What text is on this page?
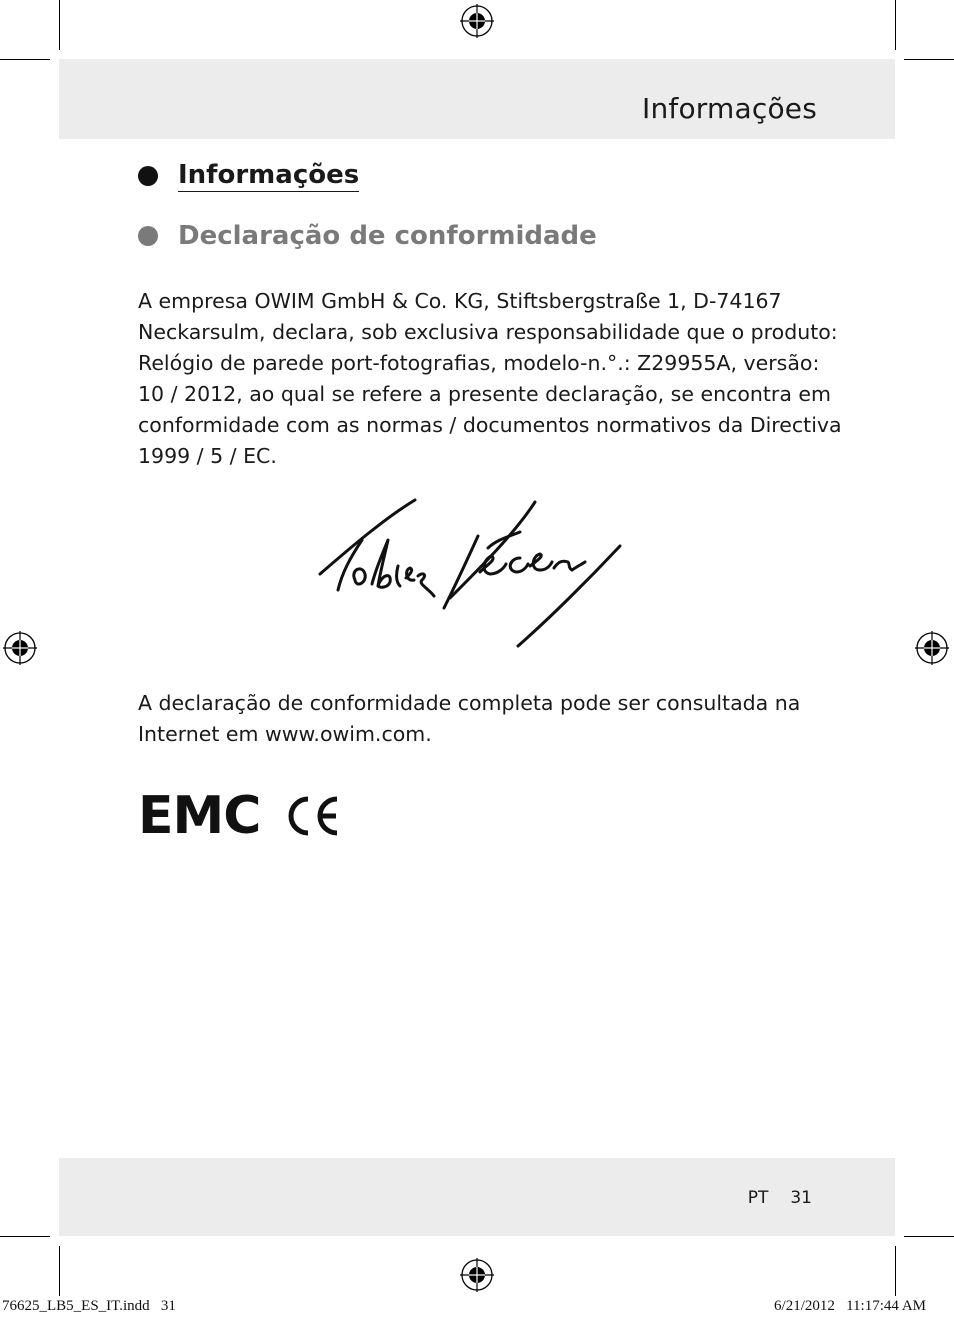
Informações
Informações
Declaração de conformidade
A empresa OWIM GmbH & Co. KG, Stiftsbergstraße 1, D-74167
Neckarsulm, declara, sob exclusiva responsabilidade que o produto:
Relógio de parede port-fotografias, modelo-n.°.: Z29955A, versão:
10 / 2012, ao qual se refere a presente declaração, se encontra em
conformidade com as normas / documentos normativos da Directiva
1999 / 5 / EC.
A declaração de conformidade completa pode ser consultada na
Internet em www.owim.com.
EMC
PT 31
76625_LB5_ES_IT.indd   31	6/21/2012   11:17:44 AM
